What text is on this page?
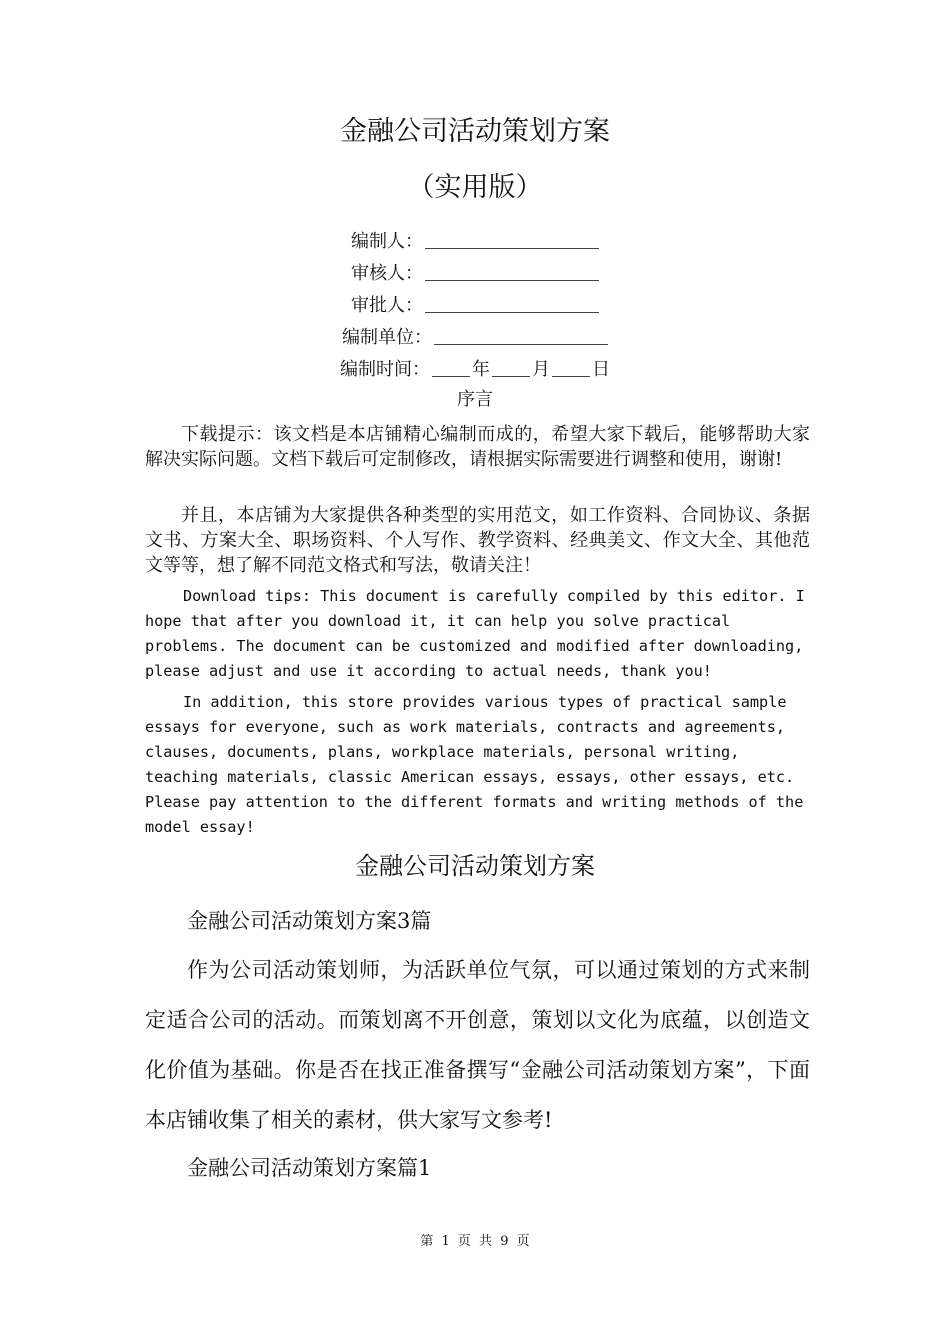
金融公司活动策划方案
（实用版）
编制人：
审核人：
审批人：
编制单位：
编制时间： 年 月 日
序言

下载提示：该文档是本店铺精心编制而成的，希望大家下载后，能够帮助大家解决实际问题。文档下载后可定制修改，请根据实际需要进行调整和使用，谢谢!

并且，本店铺为大家提供各种类型的实用范文，如工作资料、合同协议、条据文书、方案大全、职场资料、个人写作、教学资料、经典美文、作文大全、其他范文等等，想了解不同范文格式和写法，敬请关注！

Download tips: This document is carefully compiled by this editor. I hope that after you download it, it can help you solve practical problems. The document can be customized and modified after downloading, please adjust and use it according to actual needs, thank you!

In addition, this store provides various types of practical sample essays for everyone, such as work materials, contracts and agreements, clauses, documents, plans, workplace materials, personal writing, teaching materials, classic American essays, essays, other essays, etc. Please pay attention to the different formats and writing methods of the model essay!

金融公司活动策划方案

金融公司活动策划方案3篇

作为公司活动策划师，为活跃单位气氛，可以通过策划的方式来制定适合公司的活动。而策划离不开创意，策划以文化为底蕴，以创造文化价值为基础。你是否在找正准备撰写“金融公司活动策划方案”，下面本店铺收集了相关的素材，供大家写文参考!

金融公司活动策划方案篇1

第 1 页 共 9 页
